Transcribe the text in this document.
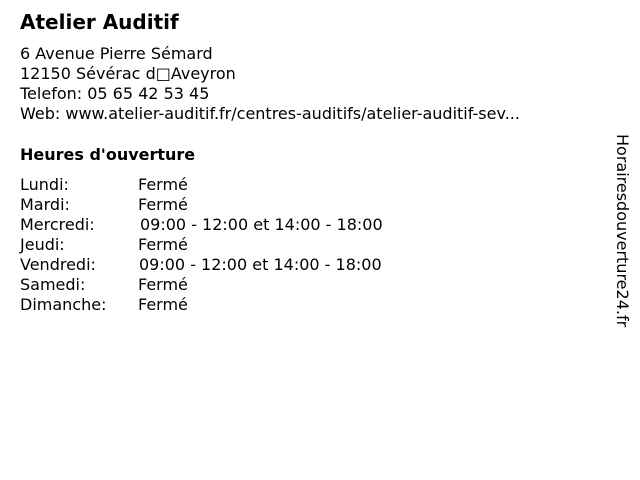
Atelier Auditif
6 Avenue Pierre Sémard
12150 Sévérac d□Aveyron
Telefon: 05 65 42 53 45
Web: www.atelier-auditif.fr/centres-auditifs/atelier-auditif-sev...
Heures d'ouverture
Lundi:	Fermé
Mardi:	Fermé
Mercredi:	09:00 - 12:00 et 14:00 - 18:00
Jeudi:	Fermé
Vendredi:	09:00 - 12:00 et 14:00 - 18:00
Samedi:	Fermé
Dimanche: Fermé	Horairesdouverture24.fr
